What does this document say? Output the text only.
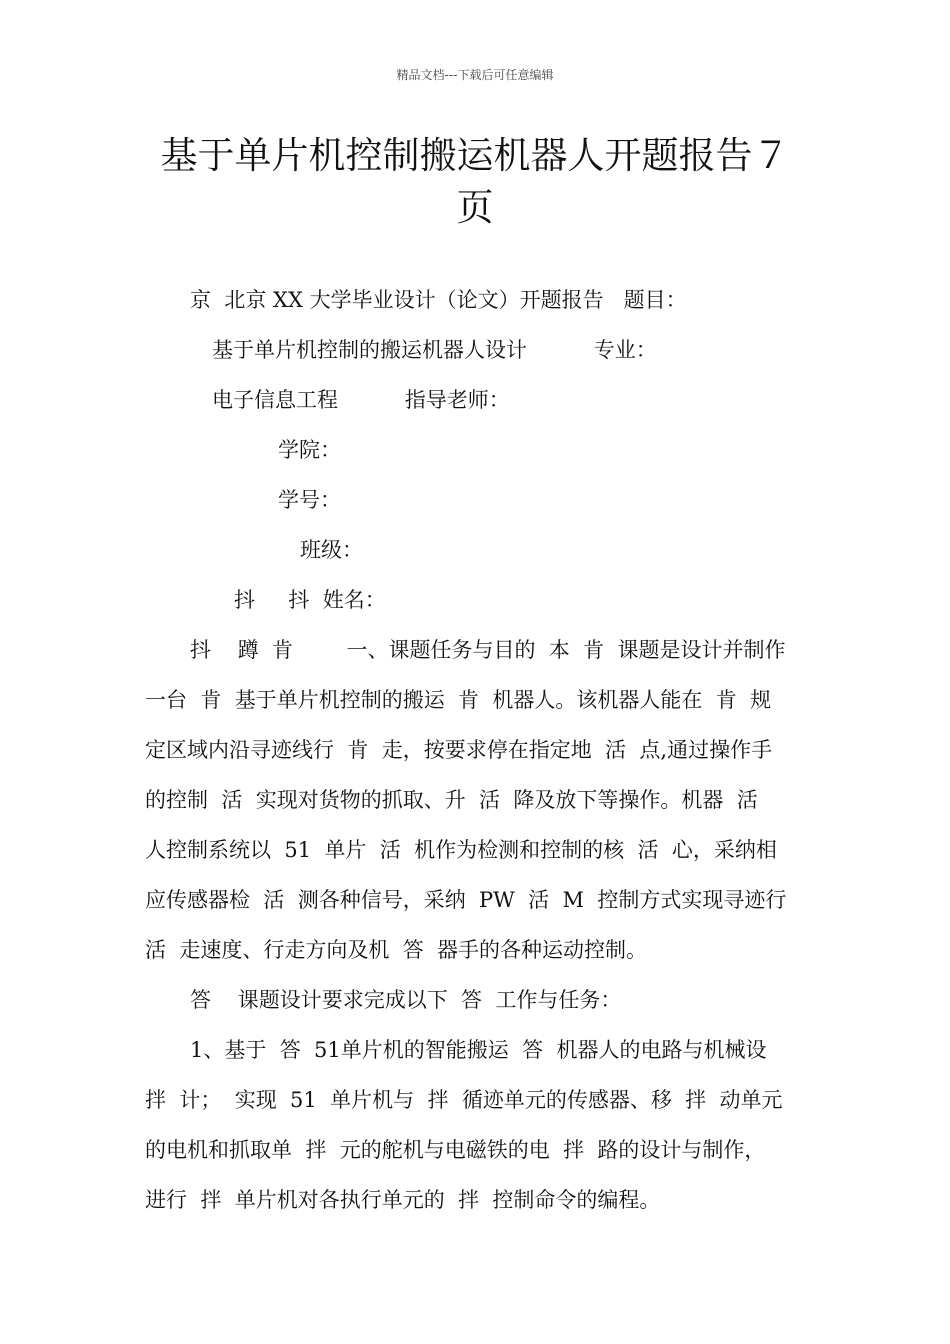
精品文档---下载后可任意编辑
基于单片机控制搬运机器人开题报告７
页
京  北京 XX 大学毕业设计（论文）开题报告   题目：
基于单片机控制的搬运机器人设计          专业：
电子信息工程          指导老师：
学院：
学号：
班级：
抖     抖  姓名：
抖    蹲  肯        一、课题任务与目的  本  肯  课题是设计并制作
一台  肯  基于单片机控制的搬运  肯  机器人。该机器人能在  肯  规
定区域内沿寻迹线行  肯  走，按要求停在指定地  活  点,通过操作手
的控制  活  实现对货物的抓取、升  活  降及放下等操作。机器  活
人控制系统以  51  单片  活  机作为检测和控制的核  活  心，采纳相
应传感器检  活  测各种信号，采纳  PW  活  M  控制方式实现寻迹行
活  走速度、行走方向及机  答  器手的各种运动控制。
答    课题设计要求完成以下  答  工作与任务：
1、基于  答  51单片机的智能搬运  答  机器人的电路与机械设
拌  计；  实现  51  单片机与  拌  循迹单元的传感器、移  拌  动单元
的电机和抓取单  拌  元的舵机与电磁铁的电  拌  路的设计与制作，
进行  拌  单片机对各执行单元的  拌  控制命令的编程。
